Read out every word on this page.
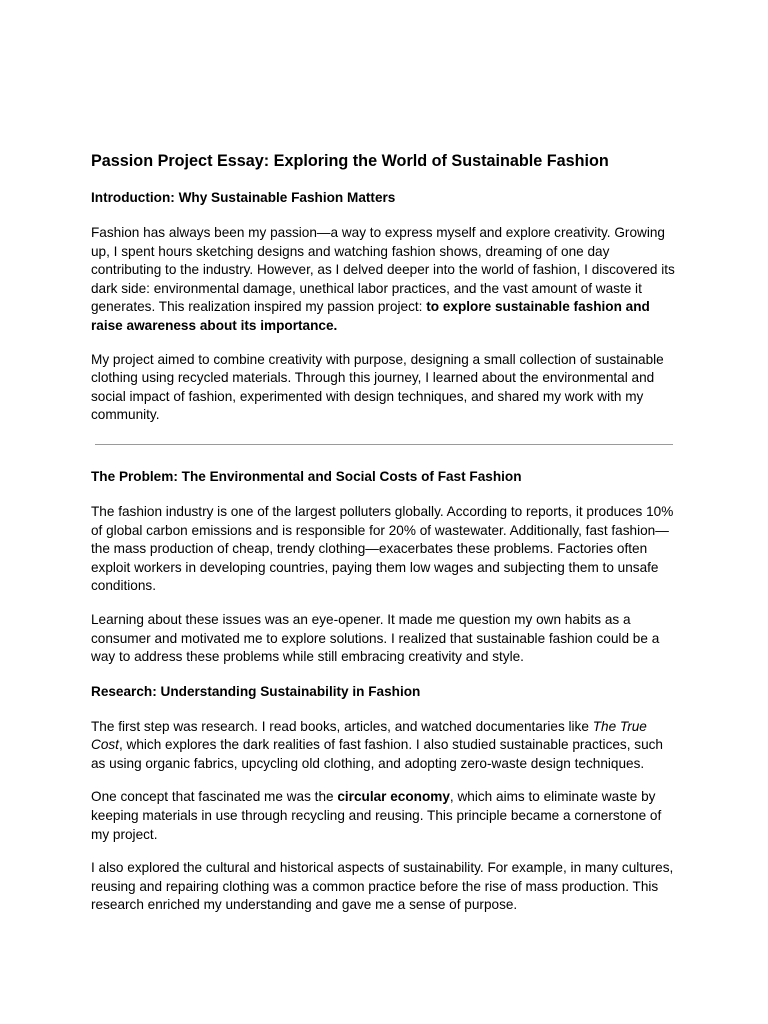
Passion Project Essay: Exploring the World of Sustainable Fashion
Introduction: Why Sustainable Fashion Matters

Fashion has always been my passion—a way to express myself and explore creativity. Growing up, I spent hours sketching designs and watching fashion shows, dreaming of one day contributing to the industry. However, as I delved deeper into the world of fashion, I discovered its dark side: environmental damage, unethical labor practices, and the vast amount of waste it generates. This realization inspired my passion project: to explore sustainable fashion and raise awareness about its importance.

My project aimed to combine creativity with purpose, designing a small collection of sustainable clothing using recycled materials. Through this journey, I learned about the environmental and social impact of fashion, experimented with design techniques, and shared my work with my community.

The Problem: The Environmental and Social Costs of Fast Fashion

The fashion industry is one of the largest polluters globally. According to reports, it produces 10% of global carbon emissions and is responsible for 20% of wastewater. Additionally, fast fashion—the mass production of cheap, trendy clothing—exacerbates these problems. Factories often exploit workers in developing countries, paying them low wages and subjecting them to unsafe conditions.

Learning about these issues was an eye-opener. It made me question my own habits as a consumer and motivated me to explore solutions. I realized that sustainable fashion could be a way to address these problems while still embracing creativity and style.

Research: Understanding Sustainability in Fashion

The first step was research. I read books, articles, and watched documentaries like The True Cost, which explores the dark realities of fast fashion. I also studied sustainable practices, such as using organic fabrics, upcycling old clothing, and adopting zero-waste design techniques.

One concept that fascinated me was the circular economy, which aims to eliminate waste by keeping materials in use through recycling and reusing. This principle became a cornerstone of my project.

I also explored the cultural and historical aspects of sustainability. For example, in many cultures, reusing and repairing clothing was a common practice before the rise of mass production. This research enriched my understanding and gave me a sense of purpose.
